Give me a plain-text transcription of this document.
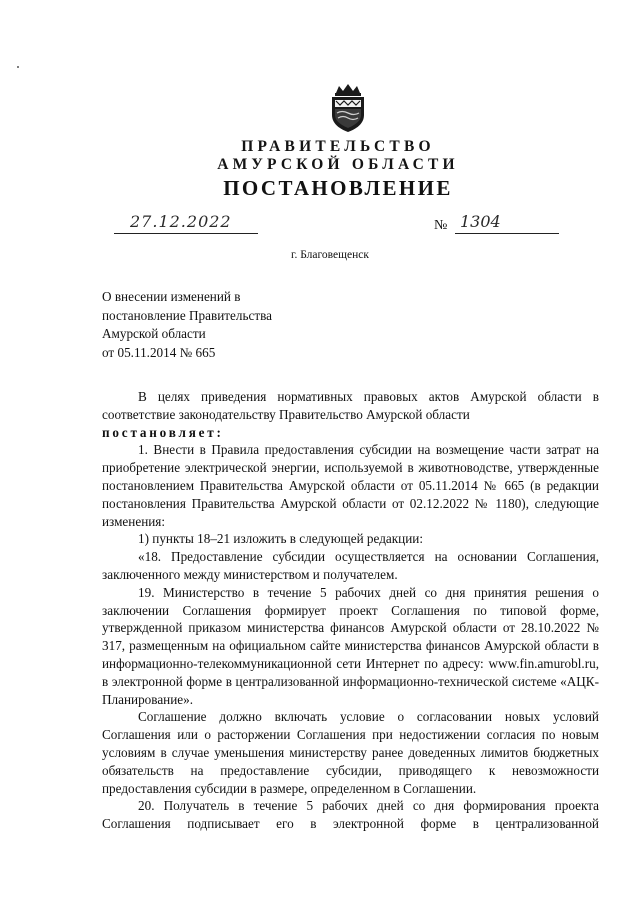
ПРАВИТЕЛЬСТВО
АМУРСКОЙ ОБЛАСТИ
ПОСТАНОВЛЕНИЕ
27.12.2022	№ 1304
г. Благовещенск
О внесении изменений в
постановление Правительства
Амурской области
от 05.11.2014 № 665

В целях приведения нормативных правовых актов Амурской области в соответствие законодательству Правительство Амурской области

постановляет:

1. Внести в Правила предоставления субсидии на возмещение части затрат на приобретение электрической энергии, используемой в животноводстве, утвержденные постановлением Правительства Амурской области от 05.11.2014 № 665 (в редакции постановления Правительства Амурской области от 02.12.2022 № 1180), следующие изменения:

1) пункты 18–21 изложить в следующей редакции:

«18. Предоставление субсидии осуществляется на основании Соглашения, заключенного между министерством и получателем.

19. Министерство в течение 5 рабочих дней со дня принятия решения о заключении Соглашения формирует проект Соглашения по типовой форме, утвержденной приказом министерства финансов Амурской области от 28.10.2022 № 317, размещенным на официальном сайте министерства финансов Амурской области в информационно-телекоммуникационной сети Интернет по адресу: www.fin.amurobl.ru, в электронной форме в централизованной информационно-технической системе «АЦК-Планирование».

Соглашение должно включать условие о согласовании новых условий Соглашения или о расторжении Соглашения при недостижении согласия по новым условиям в случае уменьшения министерству ранее доведенных лимитов бюджетных обязательств на предоставление субсидии, приводящего к невозможности предоставления субсидии в размере, определенном в Соглашении.

20. Получатель в течение 5 рабочих дней со дня формирования проекта Соглашения подписывает его в электронной форме в централизованной
